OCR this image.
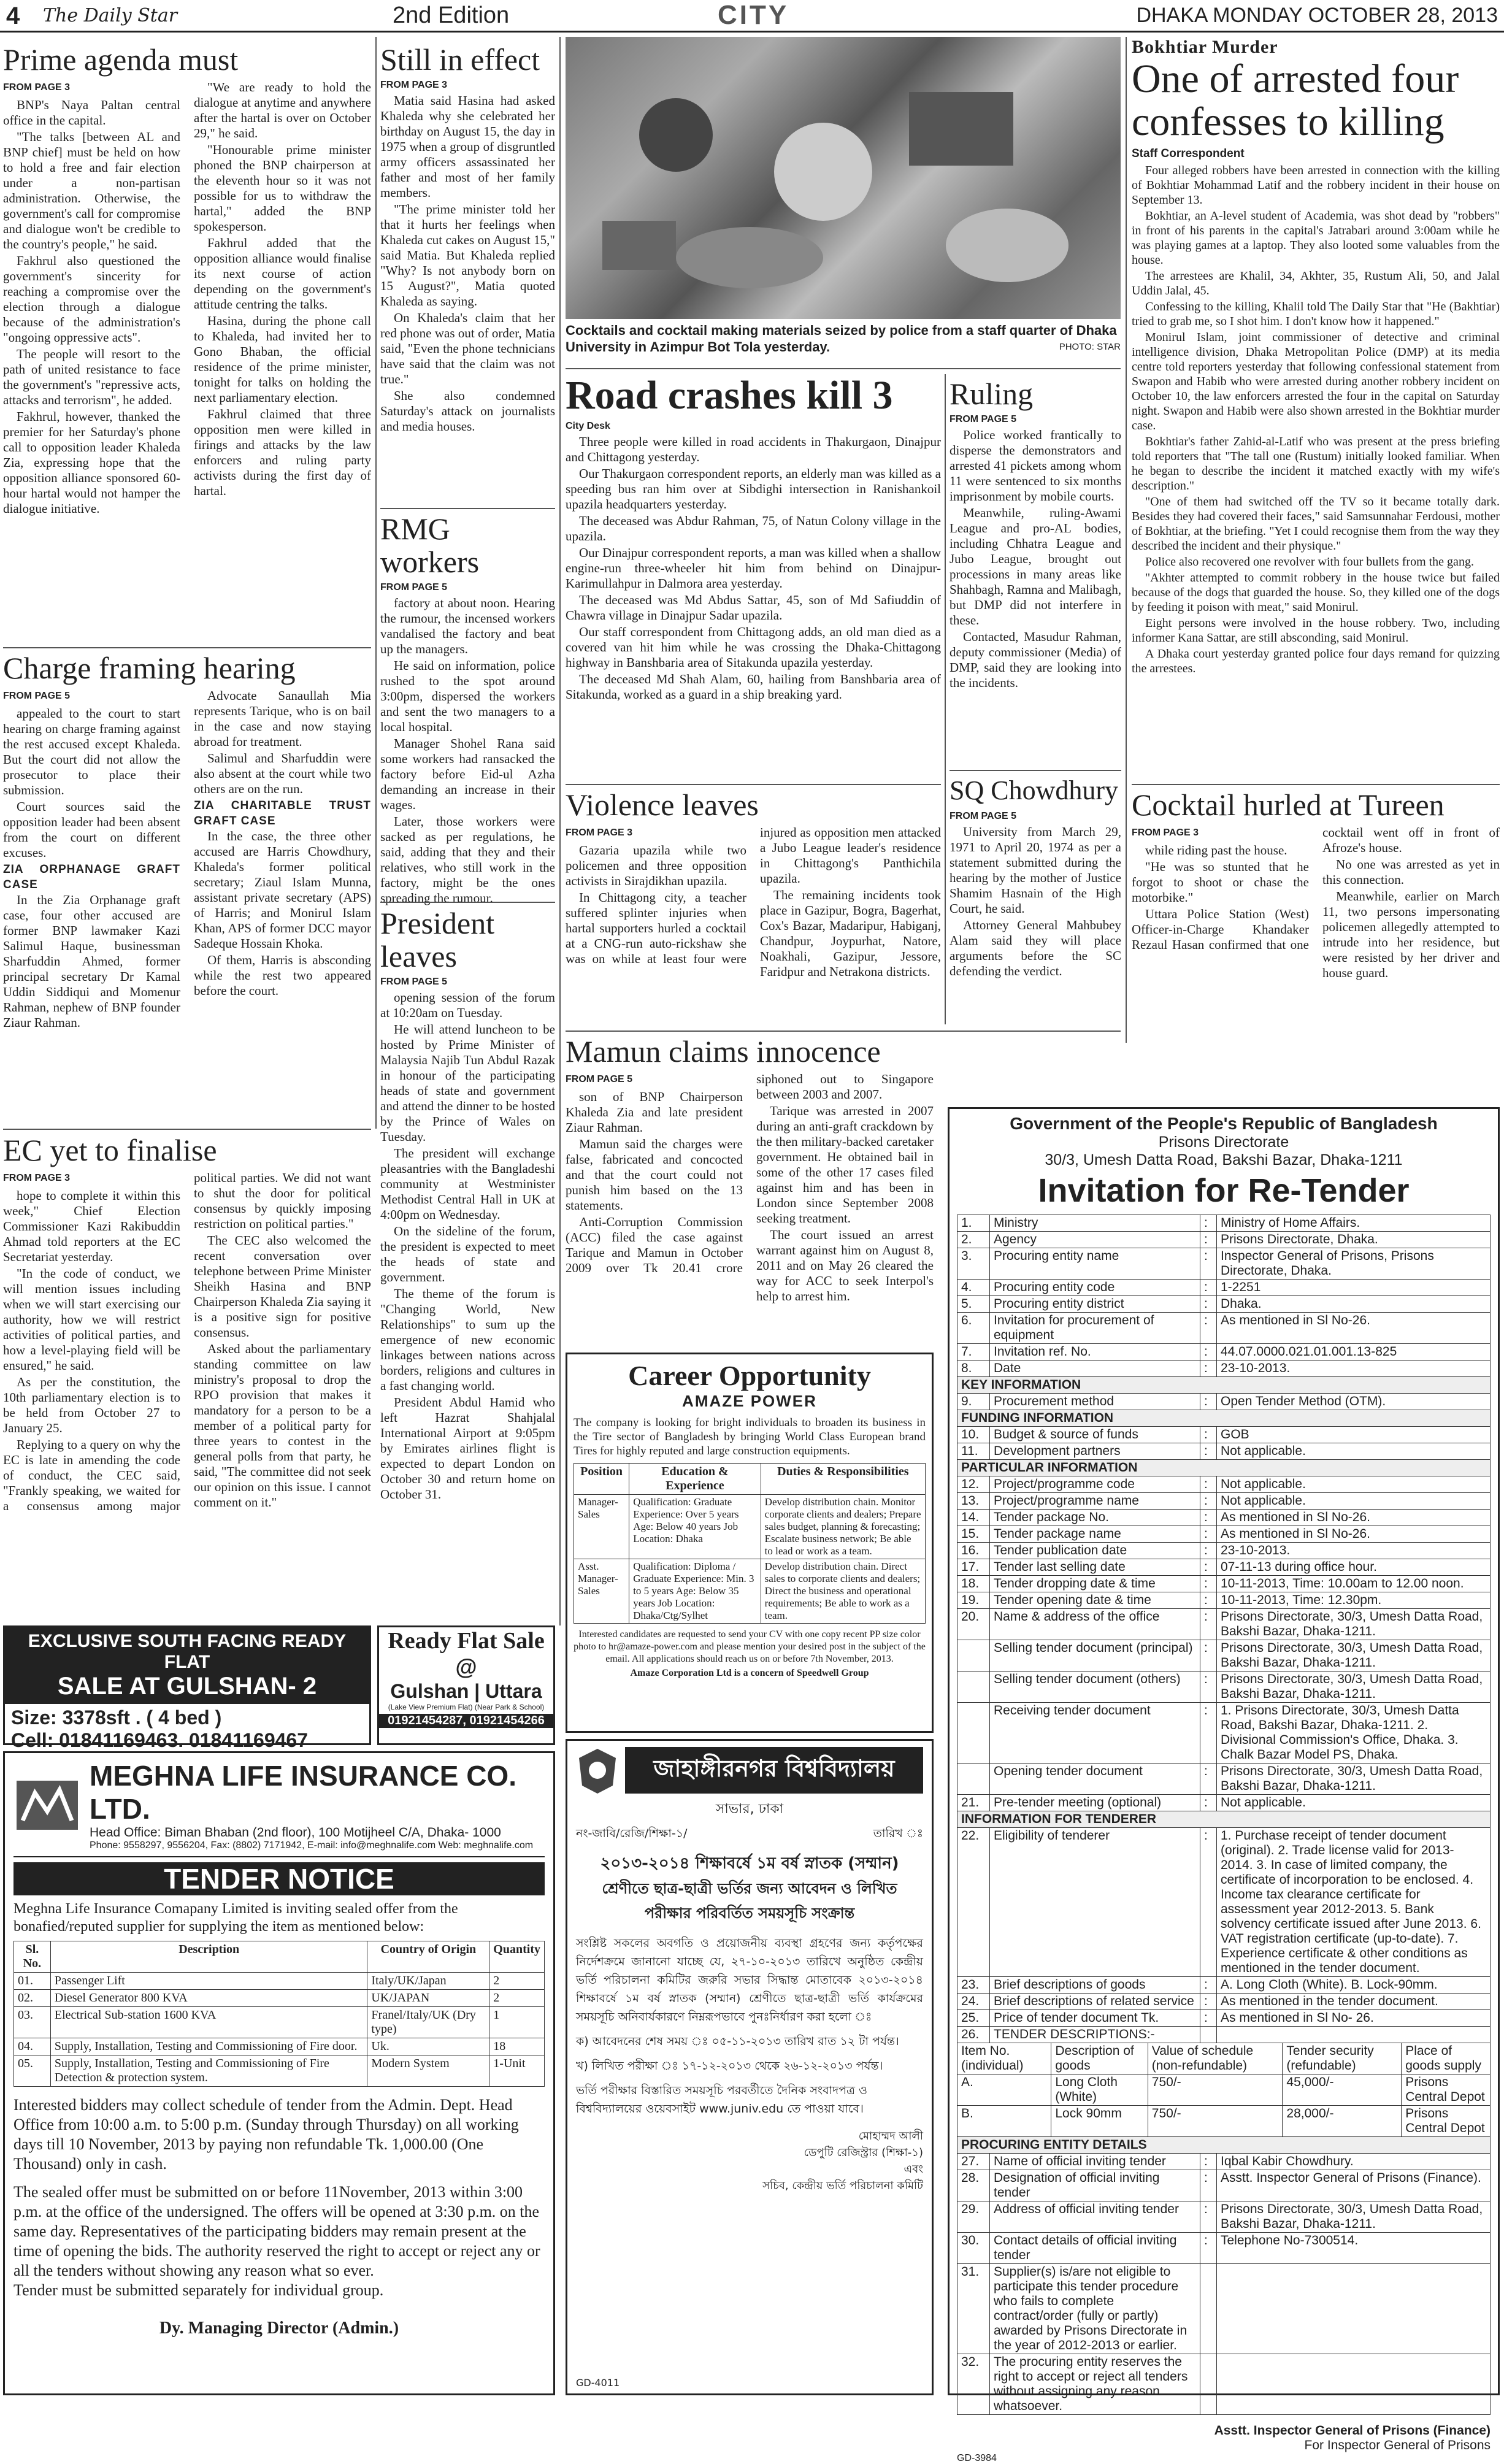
4 The Daily Star	2nd Edition	CITY	DHAKA MONDAY OCTOBER 28, 2013
Prime agenda must
FROM PAGE 3

BNP's Naya Paltan central office in the capital.

"The talks [between AL and BNP chief] must be held on how to hold a free and fair election under a non-partisan administration. Otherwise, the government's call for compromise and dialogue won't be credible to the country's people," he said.

Fakhrul also questioned the government's sincerity for reaching a compromise over the election through a dialogue because of the administration's "ongoing oppressive acts".

The people will resort to the path of united resistance to face the government's "repressive acts, attacks and terrorism", he added.

Fakhrul, however, thanked the premier for her Saturday's phone call to opposition leader Khaleda Zia, expressing hope that the opposition alliance sponsored 60-hour hartal would not hamper the dialogue initiative.

"We are ready to hold the dialogue at anytime and anywhere after the hartal is over on October 29," he said.

"Honourable prime minister phoned the BNP chairperson at the eleventh hour so it was not possible for us to withdraw the hartal," added the BNP spokesperson.

Fakhrul added that the opposition alliance would finalise its next course of action depending on the government's attitude centring the talks.

Hasina, during the phone call to Khaleda, had invited her to Gono Bhaban, the official residence of the prime minister, tonight for talks on holding the next parliamentary election.

Fakhrul claimed that three opposition men were killed in firings and attacks by the law enforcers and ruling party activists during the first day of hartal.

Still in effect
FROM PAGE 3

Matia said Hasina had asked Khaleda why she celebrated her birthday on August 15, the day in 1975 when a group of disgruntled army officers assassinated her father and most of her family members.

"The prime minister told her that it hurts her feelings when Khaleda cut cakes on August 15," said Matia. But Khaleda replied "Why? Is not anybody born on 15 August?", Matia quoted Khaleda as saying.

On Khaleda's claim that her red phone was out of order, Matia said, "Even the phone technicians have said that the claim was not true."

She also condemned Saturday's attack on journalists and media houses.

RMG workers
FROM PAGE 5

factory at about noon. Hearing the rumour, the incensed workers vandalised the factory and beat up the managers.

He said on information, police rushed to the spot around 3:00pm, dispersed the workers and sent the two managers to a local hospital.

Manager Shohel Rana said some workers had ransacked the factory before Eid-ul Azha demanding an increase in their wages.

Later, those workers were sacked as per regulations, he said, adding that they and their relatives, who still work in the factory, might be the ones spreading the rumour.

President leaves
FROM PAGE 5

opening session of the forum at 10:20am on Tuesday.

He will attend luncheon to be hosted by Prime Minister of Malaysia Najib Tun Abdul Razak in honour of the participating heads of state and government and attend the dinner to be hosted by the Prince of Wales on Tuesday.

The president will exchange pleasantries with the Bangladeshi community at Westminister Methodist Central Hall in UK at 4:00pm on Wednesday.

On the sideline of the forum, the president is expected to meet the heads of state and government.

The theme of the forum is "Changing World, New Relationships" to sum up the emergence of new economic linkages between nations across borders, religions and cultures in a fast changing world.

President Abdul Hamid who left Hazrat Shahjalal International Airport at 9:05pm by Emirates airlines flight is expected to depart London on October 30 and return home on October 31.

Charge framing hearing
FROM PAGE 5

appealed to the court to start hearing on charge framing against the rest accused except Khaleda. But the court did not allow the prosecutor to place their submission.

Court sources said the opposition leader had been absent from the court on different excuses.

ZIA ORPHANAGE GRAFT CASE

In the Zia Orphanage graft case, four other accused are former BNP lawmaker Kazi Salimul Haque, businessman Sharfuddin Ahmed, former principal secretary Dr Kamal Uddin Siddiqui and Momenur Rahman, nephew of BNP founder Ziaur Rahman.

Advocate Sanaullah Mia represents Tarique, who is on bail in the case and now staying abroad for treatment.

Salimul and Sharfuddin were also absent at the court while two others are on the run.

ZIA CHARITABLE TRUST GRAFT CASE

In the case, the three other accused are Harris Chowdhury, Khaleda's former political secretary; Ziaul Islam Munna, assistant private secretary (APS) of Harris; and Monirul Islam Khan, APS of former DCC mayor Sadeque Hossain Khoka.

Of them, Harris is absconding while the rest two appeared before the court.

EC yet to finalise
FROM PAGE 3

hope to complete it within this week," Chief Election Commissioner Kazi Rakibuddin Ahmad told reporters at the EC Secretariat yesterday.

"In the code of conduct, we will mention issues including when we will start exercising our authority, how we will restrict activities of political parties, and how a level-playing field will be ensured," he said.

As per the constitution, the 10th parliamentary election is to be held from October 27 to January 25.

Replying to a query on why the EC is late in amending the code of conduct, the CEC said, "Frankly speaking, we waited for a consensus among major political parties. We did not want to shut the door for political consensus by quickly imposing restriction on political parties."

The CEC also welcomed the recent conversation over telephone between Prime Minister Sheikh Hasina and BNP Chairperson Khaleda Zia saying it is a positive sign for positive consensus.

Asked about the parliamentary standing committee on law ministry's proposal to drop the RPO provision that makes it mandatory for a person to be a member of a political party for three years to contest in the general polls from that party, he said, "The committee did not seek our opinion on this issue. I cannot comment on it."

Cocktails and cocktail making materials seized by police from a staff quarter of Dhaka University in Azimpur Bot Tola yesterday.	PHOTO: STAR
Road crashes kill 3
City Desk

Three people were killed in road accidents in Thakurgaon, Dinajpur and Chittagong yesterday.

Our Thakurgaon correspondent reports, an elderly man was killed as a speeding bus ran him over at Sibdighi intersection in Ranishankoil upazila headquarters yesterday.

The deceased was Abdur Rahman, 75, of Natun Colony village in the upazila.

Our Dinajpur correspondent reports, a man was killed when a shallow engine-run three-wheeler hit him from behind on Dinajpur-Karimullahpur in Dalmora area yesterday.

The deceased was Md Abdus Sattar, 45, son of Md Safiuddin of Chawra village in Dinajpur Sadar upazila.

Our staff correspondent from Chittagong adds, an old man died as a covered van hit him while he was crossing the Dhaka-Chittagong highway in Banshbaria area of Sitakunda upazila yesterday.

The deceased Md Shah Alam, 60, hailing from Banshbaria area of Sitakunda, worked as a guard in a ship breaking yard.

Ruling
FROM PAGE 5

Police worked frantically to disperse the demonstrators and arrested 41 pickets among whom 11 were sentenced to six months imprisonment by mobile courts.

Meanwhile, ruling-Awami League and pro-AL bodies, including Chhatra League and Jubo League, brought out processions in many areas like Shahbagh, Ramna and Malibagh, but DMP did not interfere in these.

Contacted, Masudur Rahman, deputy commissioner (Media) of DMP, said they are looking into the incidents.

SQ Chowdhury
FROM PAGE 5

University from March 29, 1971 to April 20, 1974 as per a statement submitted during the hearing by the mother of Justice Shamim Hasnain of the High Court, he said.

Attorney General Mahbubey Alam said they will place arguments before the SC defending the verdict.

Violence leaves
FROM PAGE 3

Gazaria upazila while two policemen and three opposition activists in Sirajdikhan upazila.

In Chittagong city, a teacher suffered splinter injuries when hartal supporters hurled a cocktail at a CNG-run auto-rickshaw she was on while at least four were injured as opposition men attacked a Jubo League leader's residence in Chittagong's Panthichila upazila.

The remaining incidents took place in Gazipur, Bogra, Bagerhat, Cox's Bazar, Madaripur, Habiganj, Chandpur, Joypurhat, Natore, Noakhali, Gazipur, Jessore, Faridpur and Netrakona districts.

Mamun claims innocence
FROM PAGE 5

son of BNP Chairperson Khaleda Zia and late president Ziaur Rahman.

Mamun said the charges were false, fabricated and concocted and that the court could not punish him based on the 13 statements.

Anti-Corruption Commission (ACC) filed the case against Tarique and Mamun in October 2009 over Tk 20.41 crore siphoned out to Singapore between 2003 and 2007.

Tarique was arrested in 2007 during an anti-graft crackdown by the then military-backed caretaker government. He obtained bail in some of the other 17 cases filed against him and has been in London since September 2008 seeking treatment.

The court issued an arrest warrant against him on August 8, 2011 and on May 26 cleared the way for ACC to seek Interpol's help to arrest him.

Bokhtiar Murder
One of arrested four confesses to killing
Staff Correspondent

Four alleged robbers have been arrested in connection with the killing of Bokhtiar Mohammad Latif and the robbery incident in their house on September 13.

Bokhtiar, an A-level student of Academia, was shot dead by "robbers" in front of his parents in the capital's Jatrabari around 3:00am while he was playing games at a laptop. They also looted some valuables from the house.

The arrestees are Khalil, 34, Akhter, 35, Rustum Ali, 50, and Jalal Uddin Jalal, 45.

Confessing to the killing, Khalil told The Daily Star that "He (Bakhtiar) tried to grab me, so I shot him. I don't know how it happened."

Monirul Islam, joint commissioner of detective and criminal intelligence division, Dhaka Metropolitan Police (DMP) at its media centre told reporters yesterday that following confessional statement from Swapon and Habib who were arrested during another robbery incident on October 10, the law enforcers arrested the four in the capital on Saturday night. Swapon and Habib were also shown arrested in the Bokhtiar murder case.

Bokhtiar's father Zahid-al-Latif who was present at the press briefing told reporters that "The tall one (Rustum) initially looked familiar. When he began to describe the incident it matched exactly with my wife's description."

"One of them had switched off the TV so it became totally dark. Besides they had covered their faces," said Samsunnahar Ferdousi, mother of Bokhtiar, at the briefing. "Yet I could recognise them from the way they described the incident and their physique."

Police also recovered one revolver with four bullets from the gang.

"Akhter attempted to commit robbery in the house twice but failed because of the dogs that guarded the house. So, they killed one of the dogs by feeding it poison with meat," said Monirul.

Eight persons were involved in the house robbery. Two, including informer Kana Sattar, are still absconding, said Monirul.

A Dhaka court yesterday granted police four days remand for quizzing the arrestees.

Cocktail hurled at Tureen
FROM PAGE 3

while riding past the house.

"He was so stunted that he forgot to shoot or chase the motorbike."

Uttara Police Station (West) Officer-in-Charge Khandaker Rezaul Hasan confirmed that one cocktail went off in front of Afroze's house.

No one was arrested as yet in this connection.

Meanwhile, earlier on March 11, two persons impersonating policemen allegedly attempted to intrude into her residence, but were resisted by her driver and house guard.

EXCLUSIVE SOUTH FACING READY FLAT
SALE AT GULSHAN- 2
Size: 3378sft . ( 4 bed )
Cell: 01841169463. 01841169467
Ready Flat Sale
@
Gulshan | Uttara
(Lake View Premium Flat) (Near Park & School)
01921454287, 01921454266
MEGHNA LIFE INSURANCE CO. LTD.
Head Office: Biman Bhaban (2nd floor), 100 Motijheel C/A, Dhaka- 1000
Phone: 9558297, 9556204, Fax: (8802) 7171942, E-mail: info@meghnalife.com Web: meghnalife.com
TENDER NOTICE
Meghna Life Insurance Comapany Limited is inviting sealed offer from the bonafied/reputed supplier for supplying the item as mentioned below:
Sl. No.	Description	Country of Origin	Quantity
01.	Passenger Lift	Italy/UK/Japan	2
02.	Diesel Generator 800 KVA	UK/JAPAN	2
03.	Electrical Sub-station 1600 KVA	Franel/Italy/UK (Dry type)	1
04.	Supply, Installation, Testing and Commissioning of Fire door.	Uk.	18
05.	Supply, Installation, Testing and Commissioning of Fire Detection & protection system.	Modern System	1-Unit
Interested bidders may collect schedule of tender from the Admin. Dept. Head Office from 10:00 a.m. to 5:00 p.m. (Sunday through Thursday) on all working days till 10 November, 2013 by paying non refundable Tk. 1,000.00 (One Thousand) only in cash.
The sealed offer must be submitted on or before 11November, 2013 within 3:00 p.m. at the office of the undersigned. The offers will be opened at 3:30 p.m. on the same day. Representatives of the participating bidders may remain present at the time of opening the bids. The authority reserved the right to accept or reject any or all the tenders without showing any reason what so ever.
Tender must be submitted separately for individual group.
Dy. Managing Director (Admin.)
Career Opportunity
AMAZE POWER
The company is looking for bright individuals to broaden its business in the Tire sector of Bangladesh by bringing World Class European brand Tires for highly reputed and large construction equipments.
Position	Education & Experience	Duties & Responsibilities
Manager-Sales	Qualification: Graduate Experience: Over 5 years Age: Below 40 years Job Location: Dhaka	Develop distribution chain. Monitor corporate clients and dealers; Prepare sales budget, planning & forecasting; Escalate business network; Be able to lead or work as a team.
Asst. Manager-Sales	Qualification: Diploma / Graduate Experience: Min. 3 to 5 years Age: Below 35 years Job Location: Dhaka/Ctg/Sylhet	Develop distribution chain. Direct sales to corporate clients and dealers; Direct the business and operational requirements; Be able to work as a team.
Interested candidates are requested to send your CV with one copy recent PP size color photo to hr@amaze-power.com and please mention your desired post in the subject of the email. All applications should reach us on or before 7th November, 2013.
Amaze Corporation Ltd is a concern of Speedwell Group
জাহাঙ্গীরনগর বিশ্ববিদ্যালয়
সাভার, ঢাকা
নং-জাবি/রেজি/শিক্ষা-১/	তারিখ ঃ
২০১৩-২০১৪ শিক্ষাবর্ষে ১ম বর্ষ স্নাতক (সম্মান)
শ্রেণীতে ছাত্র-ছাত্রী ভর্তির জন্য আবেদন ও লিখিত
পরীক্ষার পরিবর্তিত সময়সূচি সংক্রান্ত
সংশ্লিষ্ট সকলের অবগতি ও প্রয়োজনীয় ব্যবস্থা গ্রহণের জন্য কর্তৃপক্ষের নির্দেশক্রমে জানানো যাচ্ছে যে, ২৭-১০-২০১৩ তারিখে অনুষ্ঠিত কেন্দ্রীয় ভর্তি পরিচালনা কমিটির জরুরি সভার সিদ্ধান্ত মোতাবেক ২০১৩-২০১৪ শিক্ষাবর্ষে ১ম বর্ষ স্নাতক (সম্মান) শ্রেণীতে ছাত্র-ছাত্রী ভর্তি কার্যক্রমের সময়সূচি অনিবার্যকারণে নিম্নরূপভাবে পুনঃনির্ধারণ করা হলো ঃ
ক) আবেদনের শেষ সময় ঃ ০৫-১১-২০১৩ তারিখ রাত ১২ টা পর্যন্ত।
খ) লিখিত পরীক্ষা ঃ ১৭-১২-২০১৩ থেকে ২৬-১২-২০১৩ পর্যন্ত।
ভর্তি পরীক্ষার বিস্তারিত সময়সূচি পরবর্তীতে দৈনিক সংবাদপত্র ও বিশ্ববিদ্যালয়ের ওয়েবসাইট www.juniv.edu তে পাওয়া যাবে।
মোহাম্মদ আলী
ডেপুটি রেজিস্ট্রার (শিক্ষা-১)
এবং
সচিব, কেন্দ্রীয় ভর্তি পরিচালনা কমিটি
GD-4011
Government of the People's Republic of Bangladesh
Prisons Directorate
30/3, Umesh Datta Road, Bakshi Bazar, Dhaka-1211
Invitation for Re-Tender
1.	Ministry	:	Ministry of Home Affairs.
2.	Agency	:	Prisons Directorate, Dhaka.
3.	Procuring entity name	:	Inspector General of Prisons, Prisons Directorate, Dhaka.
4.	Procuring entity code	:	1-2251
5.	Procuring entity district	:	Dhaka.
6.	Invitation for procurement of equipment	:	As mentioned in Sl No-26.
7.	Invitation ref. No.	:	44.07.0000.021.01.001.13-825
8.	Date	:	23-10-2013.
KEY INFORMATION			
9.	Procurement method	:	Open Tender Method (OTM).
FUNDING INFORMATION			
10.	Budget & source of funds	:	GOB
11.	Development partners	:	Not applicable.
PARTICULAR INFORMATION			
12.	Project/programme code	:	Not applicable.
13.	Project/programme name	:	Not applicable.
14.	Tender package No.	:	As mentioned in Sl No-26.
15.	Tender package name	:	As mentioned in Sl No-26.
16.	Tender publication date	:	23-10-2013.
17.	Tender last selling date	:	07-11-13 during office hour.
18.	Tender dropping date & time	:	10-11-2013, Time: 10.00am to 12.00 noon.
19.	Tender opening date & time	:	10-11-2013, Time: 12.30pm.
20.	Name & address of the office	:	Prisons Directorate, 30/3, Umesh Datta Road, Bakshi Bazar, Dhaka-1211.
	Selling tender document (principal)	:	Prisons Directorate, 30/3, Umesh Datta Road, Bakshi Bazar, Dhaka-1211.
	Selling tender document (others)	:	Prisons Directorate, 30/3, Umesh Datta Road, Bakshi Bazar, Dhaka-1211.
	Receiving tender document	:	1. Prisons Directorate, 30/3, Umesh Datta Road, Bakshi Bazar, Dhaka-1211. 2. Divisional Commission's Office, Dhaka. 3. Chalk Bazar Model PS, Dhaka.
	Opening tender document	:	Prisons Directorate, 30/3, Umesh Datta Road, Bakshi Bazar, Dhaka-1211.
21.	Pre-tender meeting (optional)	:	Not applicable.
INFORMATION FOR TENDERER			
22.	Eligibility of tenderer	:	1. Purchase receipt of tender document (original). 2. Trade license valid for 2013-2014. 3. In case of limited company, the certificate of incorporation to be enclosed. 4. Income tax clearance certificate for assessment year 2012-2013. 5. Bank solvency certificate issued after June 2013. 6. VAT registration certificate (up-to-date). 7. Experience certificate & other conditions as mentioned in the tender document.
23.	Brief descriptions of goods	:	A. Long Cloth (White). B. Lock-90mm.
24.	Brief descriptions of related service	:	As mentioned in the tender document.
25.	Price of tender document Tk.	:	As mentioned in Sl No- 26.
26.	TENDER DESCRIPTIONS:-		
Item No. (individual)	Description of goods	Value of schedule (non-refundable)	Tender security (refundable)	Place of goods supply
A.	Long Cloth (White)	750/-	45,000/-	Prisons Central Depot
B.	Lock 90mm	750/-	28,000/-	Prisons Central Depot
PROCURING ENTITY DETAILS			
27.	Name of official inviting tender	:	Iqbal Kabir Chowdhury.
28.	Designation of official inviting tender	:	Asstt. Inspector General of Prisons (Finance).
29.	Address of official inviting tender	:	Prisons Directorate, 30/3, Umesh Datta Road, Bakshi Bazar, Dhaka-1211.
30.	Contact details of official inviting tender	:	Telephone No-7300514.
31.	Supplier(s) is/are not eligible to participate this tender procedure who fails to complete contract/order (fully or partly) awarded by Prisons Directorate in the year of 2012-2013 or earlier.		
32.	The procuring entity reserves the right to accept or reject all tenders without assigning any reason whatsoever.		
Asstt. Inspector General of Prisons (Finance)
For Inspector General of Prisons
GD-3984
